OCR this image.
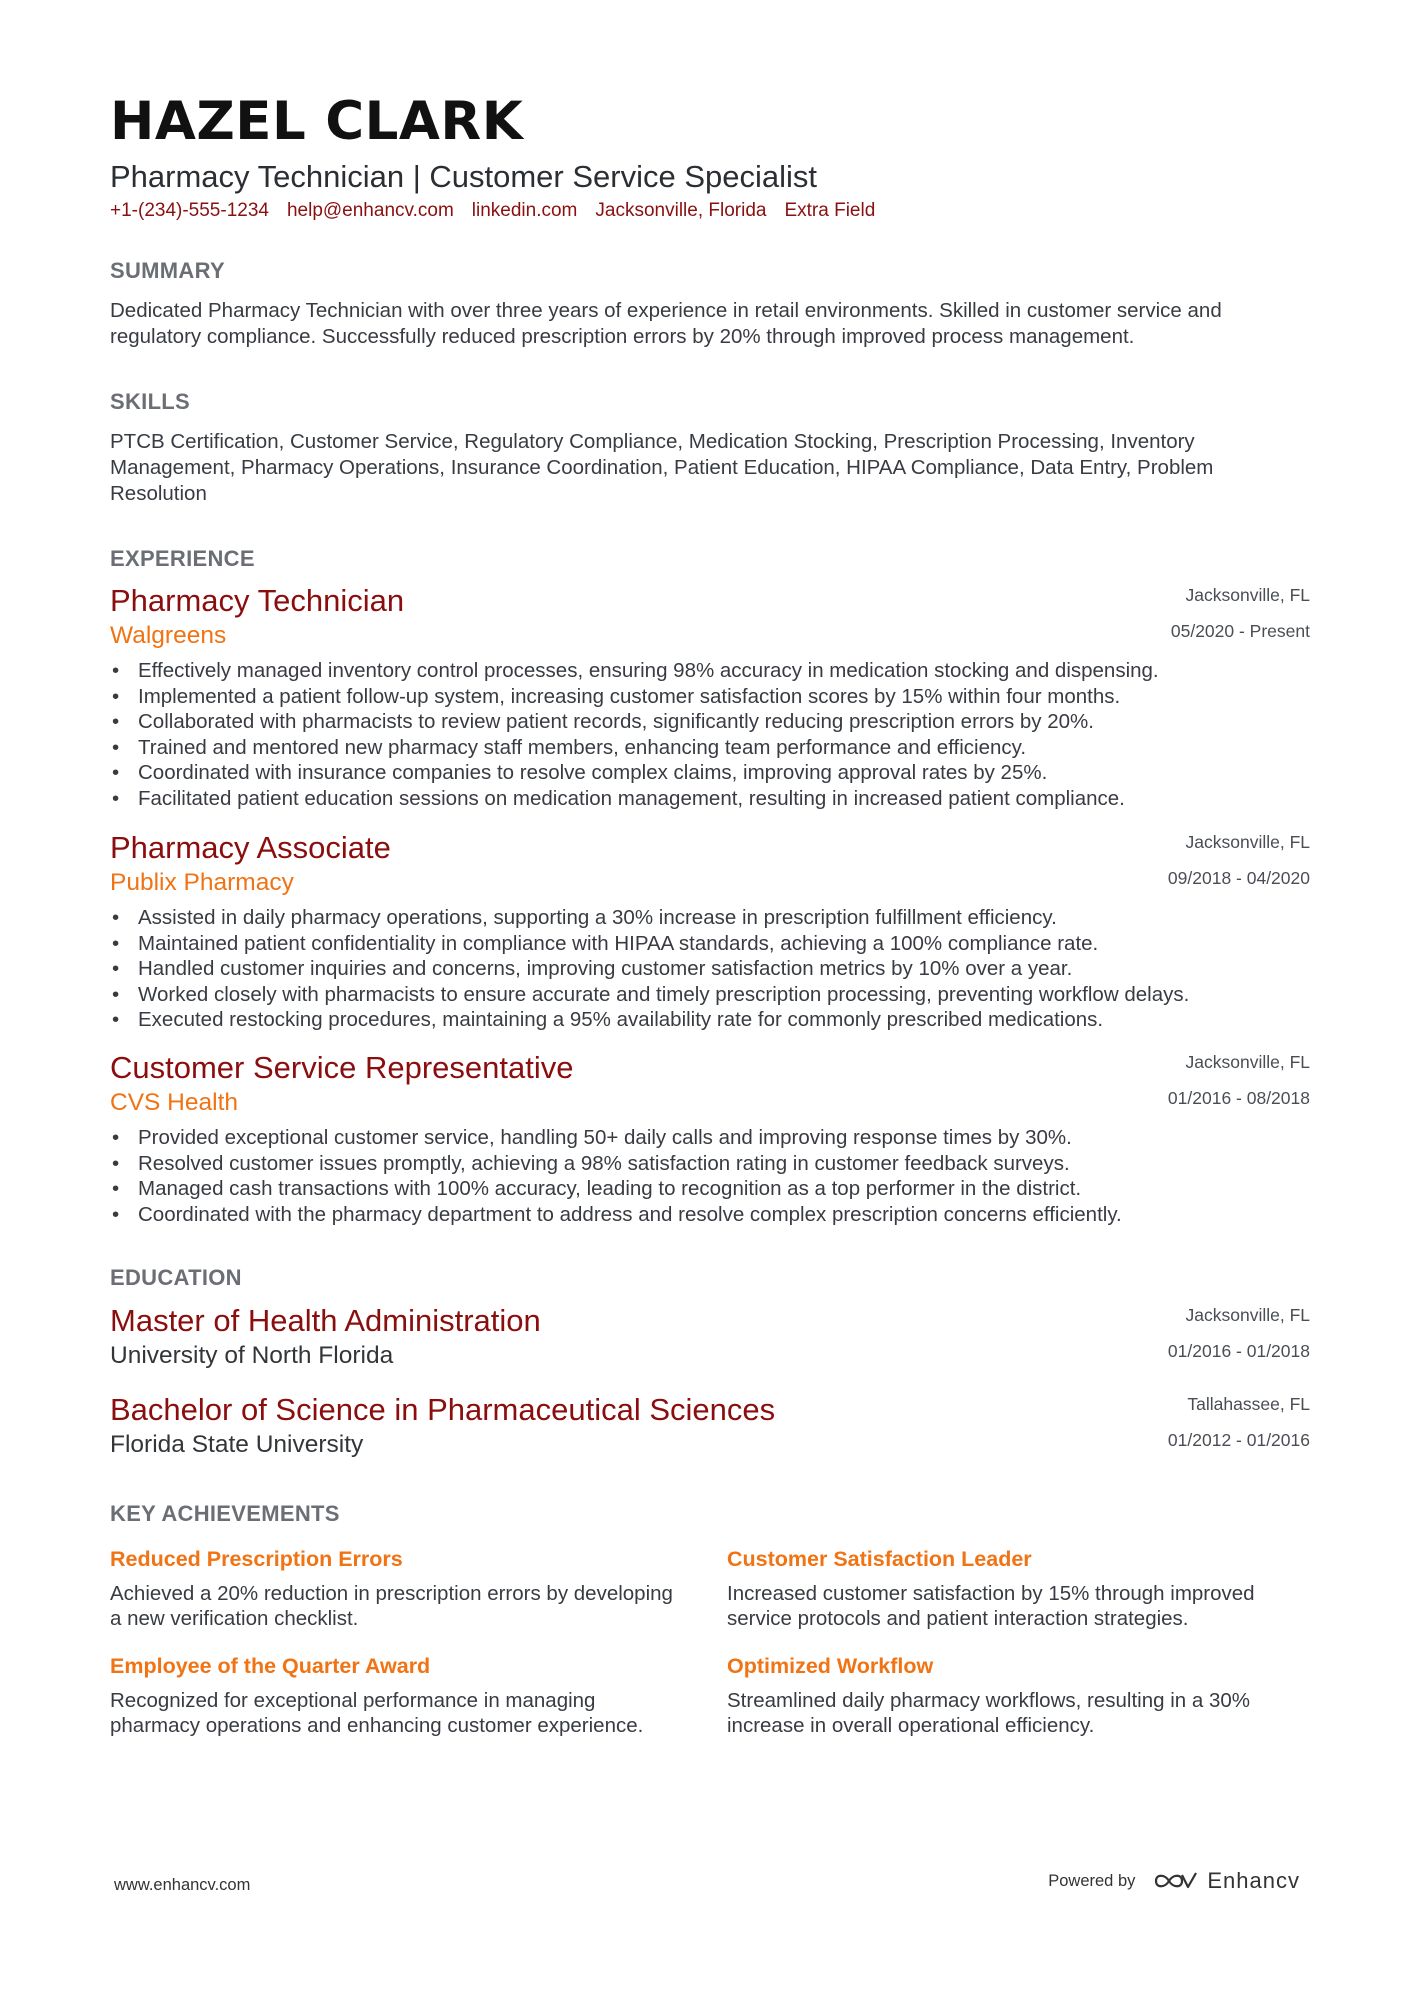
HAZEL CLARK
Pharmacy Technician | Customer Service Specialist
+1-(234)-555-1234 help@enhancv.com linkedin.com Jacksonville, Florida Extra Field
SUMMARY
Dedicated Pharmacy Technician with over three years of experience in retail environments. Skilled in customer service and regulatory compliance. Successfully reduced prescription errors by 20% through improved process management.
SKILLS
PTCB Certification, Customer Service, Regulatory Compliance, Medication Stocking, Prescription Processing, Inventory Management, Pharmacy Operations, Insurance Coordination, Patient Education, HIPAA Compliance, Data Entry, Problem Resolution
EXPERIENCE
Pharmacy Technician
Walgreens
Jacksonville, FL
05/2020 - Present
• Effectively managed inventory control processes, ensuring 98% accuracy in medication stocking and dispensing.
• Implemented a patient follow-up system, increasing customer satisfaction scores by 15% within four months.
• Collaborated with pharmacists to review patient records, significantly reducing prescription errors by 20%.
• Trained and mentored new pharmacy staff members, enhancing team performance and efficiency.
• Coordinated with insurance companies to resolve complex claims, improving approval rates by 25%.
• Facilitated patient education sessions on medication management, resulting in increased patient compliance.
Pharmacy Associate
Publix Pharmacy
Jacksonville, FL
09/2018 - 04/2020
• Assisted in daily pharmacy operations, supporting a 30% increase in prescription fulfillment efficiency.
• Maintained patient confidentiality in compliance with HIPAA standards, achieving a 100% compliance rate.
• Handled customer inquiries and concerns, improving customer satisfaction metrics by 10% over a year.
• Worked closely with pharmacists to ensure accurate and timely prescription processing, preventing workflow delays.
• Executed restocking procedures, maintaining a 95% availability rate for commonly prescribed medications.
Customer Service Representative
CVS Health
Jacksonville, FL
01/2016 - 08/2018
• Provided exceptional customer service, handling 50+ daily calls and improving response times by 30%.
• Resolved customer issues promptly, achieving a 98% satisfaction rating in customer feedback surveys.
• Managed cash transactions with 100% accuracy, leading to recognition as a top performer in the district.
• Coordinated with the pharmacy department to address and resolve complex prescription concerns efficiently.
EDUCATION
Master of Health Administration
University of North Florida
Jacksonville, FL
01/2016 - 01/2018
Bachelor of Science in Pharmaceutical Sciences
Florida State University
Tallahassee, FL
01/2012 - 01/2016
KEY ACHIEVEMENTS
Reduced Prescription Errors
Achieved a 20% reduction in prescription errors by developing a new verification checklist.
Customer Satisfaction Leader
Increased customer satisfaction by 15% through improved service protocols and patient interaction strategies.
Employee of the Quarter Award
Recognized for exceptional performance in managing pharmacy operations and enhancing customer experience.
Optimized Workflow
Streamlined daily pharmacy workflows, resulting in a 30% increase in overall operational efficiency.
www.enhancv.com	Powered by	Enhancv
